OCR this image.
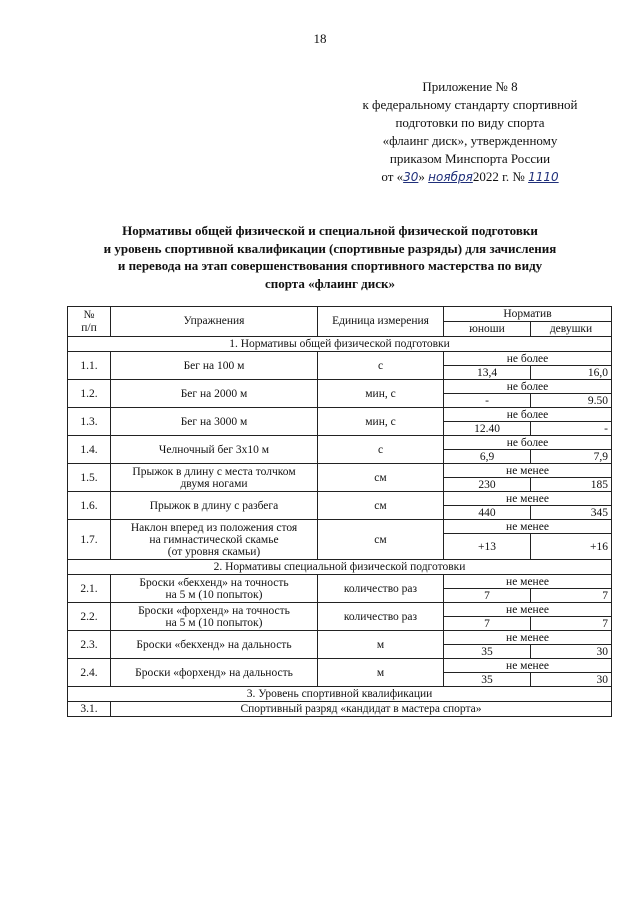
18
Приложение № 8
к федеральному стандарту спортивной
подготовки по виду спорта
«флаинг диск», утвержденному
приказом Минспорта России
от «30» ноября2022 г. № 1110
Нормативы общей физической и специальной физической подготовки
и уровень спортивной квалификации (спортивные разряды) для зачисления
и перевода на этап совершенствования спортивного мастерства по виду
спорта «флаинг диск»
№
п/п	Упражнения	Единица измерения	Норматив	
			юноши	девушки
1. Нормативы общей физической подготовки				
1.1.	Бег на 100 м	с	не более	
			13,4	16,0
1.2.	Бег на 2000 м	мин, с	не более	
			-	9.50
1.3.	Бег на 3000 м	мин, с	не более	
			12.40	-
1.4.	Челночный бег 3х10 м	с	не более	
			6,9	7,9
1.5.	Прыжок в длину с места толчком
двумя ногами	см	не менее	
			230	185
1.6.	Прыжок в длину с разбега	см	не менее	
			440	345
1.7.	Наклон вперед из положения стоя
на гимнастической скамье
(от уровня скамьи)	см	не менее	
			+13	+16
2. Нормативы специальной физической подготовки				
2.1.	Броски «бекхенд» на точность
на 5 м (10 попыток)	количество раз	не менее	
			7	7
2.2.	Броски «форхенд» на точность
на 5 м (10 попыток)	количество раз	не менее	
			7	7
2.3.	Броски «бекхенд» на дальность	м	не менее	
			35	30
2.4.	Броски «форхенд» на дальность	м	не менее	
			35	30
3. Уровень спортивной квалификации				
3.1.	Спортивный разряд «кандидат в мастера спорта»			
